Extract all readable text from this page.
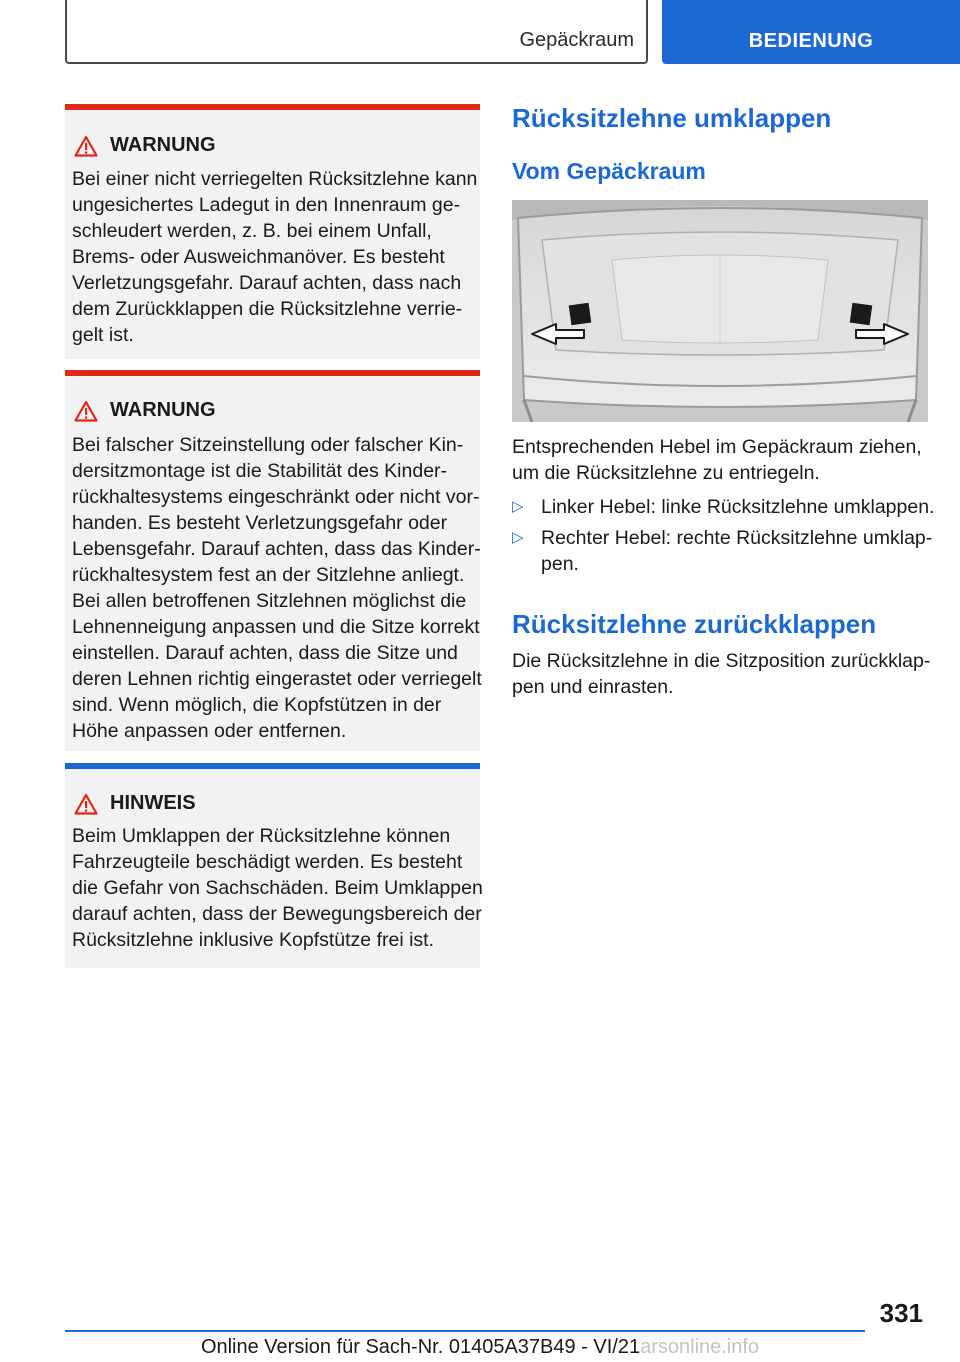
Gepäckraum	BEDIENUNG
WARNUNG
Bei einer nicht verriegelten Rücksitzlehne kann
ungesichertes Ladegut in den Innenraum ge-
schleudert werden, z. B. bei einem Unfall,
Brems- oder Ausweichmanöver. Es besteht
Verletzungsgefahr. Darauf achten, dass nach
dem Zurückklappen die Rücksitzlehne verrie-
gelt ist.
WARNUNG
Bei falscher Sitzeinstellung oder falscher Kin-
dersitzmontage ist die Stabilität des Kinder-
rückhaltesystems eingeschränkt oder nicht vor-
handen. Es besteht Verletzungsgefahr oder
Lebensgefahr. Darauf achten, dass das Kinder-
rückhaltesystem fest an der Sitzlehne anliegt.
Bei allen betroffenen Sitzlehnen möglichst die
Lehnenneigung anpassen und die Sitze korrekt
einstellen. Darauf achten, dass die Sitze und
deren Lehnen richtig eingerastet oder verriegelt
sind. Wenn möglich, die Kopfstützen in der
Höhe anpassen oder entfernen.
HINWEIS
Beim Umklappen der Rücksitzlehne können
Fahrzeugteile beschädigt werden. Es besteht
die Gefahr von Sachschäden. Beim Umklappen
darauf achten, dass der Bewegungsbereich der
Rücksitzlehne inklusive Kopfstütze frei ist.
Rücksitzlehne umklappen
Vom Gepäckraum
Entsprechenden Hebel im Gepäckraum ziehen,
um die Rücksitzlehne zu entriegeln.
▷ Linker Hebel: linke Rücksitzlehne umklappen.
▷ Rechter Hebel: rechte Rücksitzlehne umklap-
pen.
Rücksitzlehne zurückklappen
Die Rücksitzlehne in die Sitzposition zurückklap-
pen und einrasten.
331
Online Version für Sach-Nr. 01405A37B49 - VI/21arsonline.info
